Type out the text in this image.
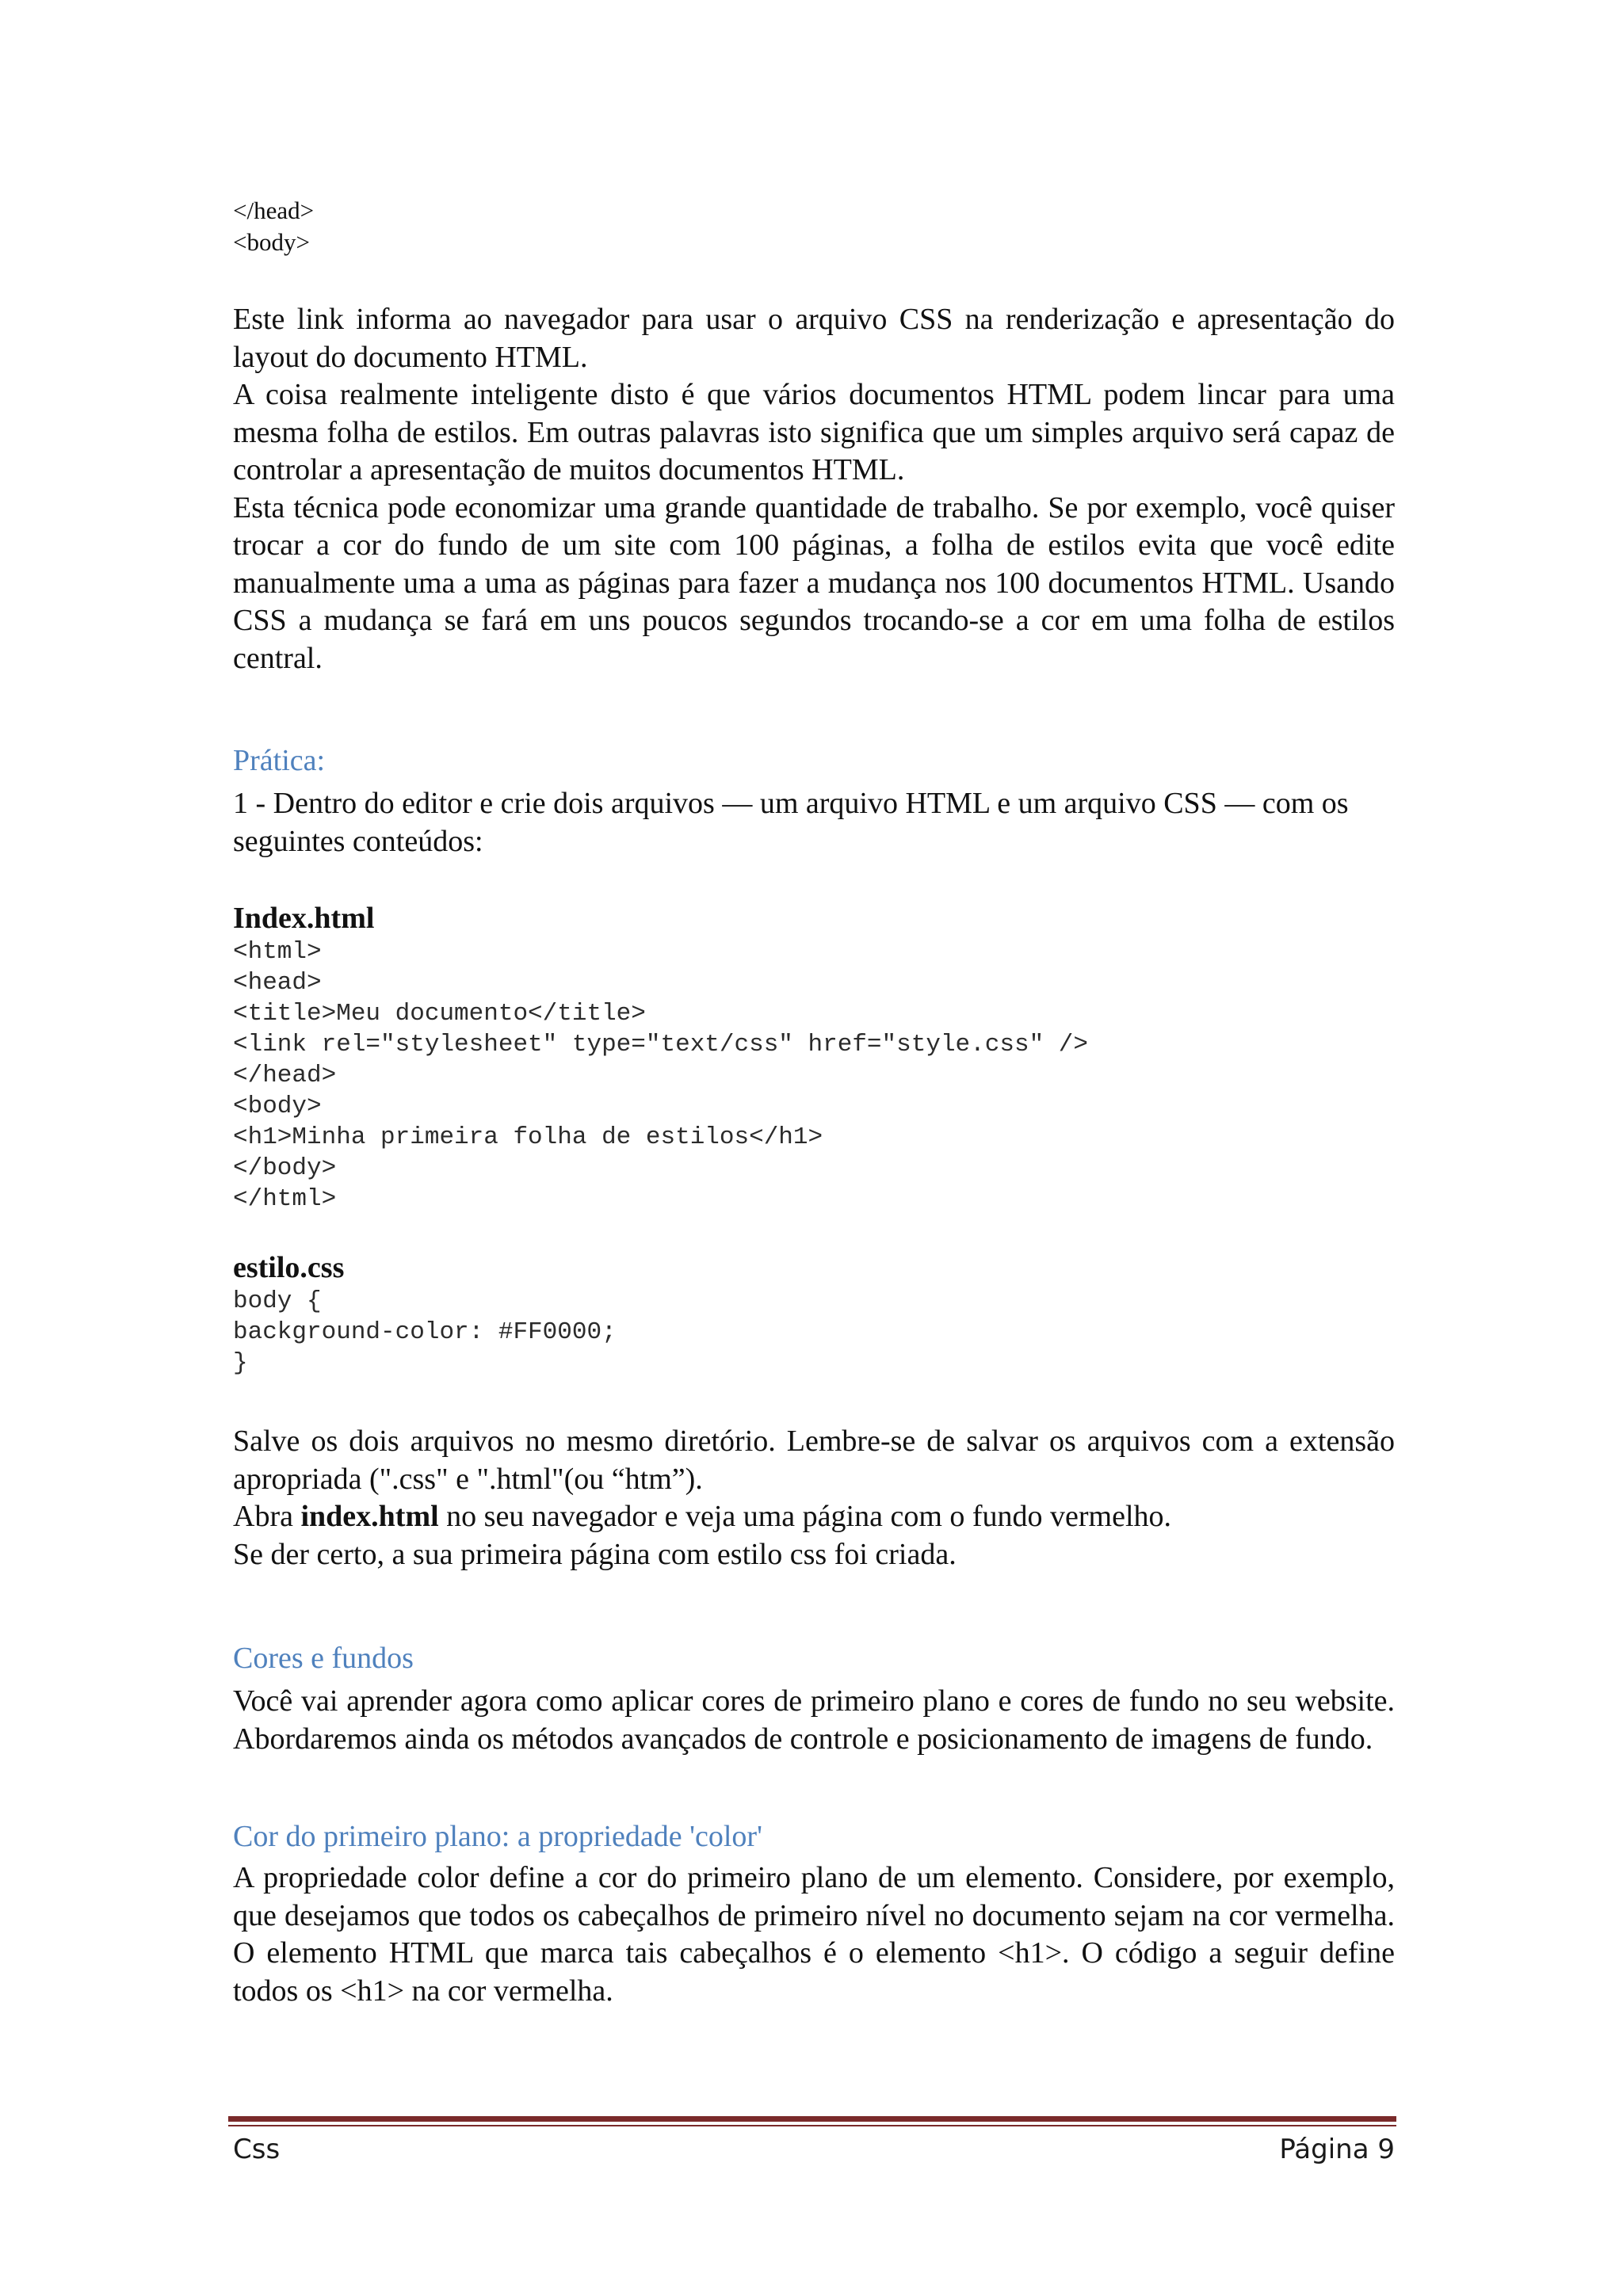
</head>

<body>

Este link informa ao navegador para usar o arquivo CSS na renderização e apresentação do layout do documento HTML.

A coisa realmente inteligente disto é que vários documentos HTML podem lincar para uma mesma folha de estilos. Em outras palavras isto significa que um simples arquivo será capaz de controlar a apresentação de muitos documentos HTML.

Esta técnica pode economizar uma grande quantidade de trabalho. Se por exemplo, você quiser trocar a cor do fundo de um site com 100 páginas, a folha de estilos evita que você edite manualmente uma a uma as páginas para fazer a mudança nos 100 documentos HTML. Usando CSS a mudança se fará em uns poucos segundos trocando-se a cor em uma folha de estilos central.

Prática:

1 - Dentro do editor e crie dois arquivos — um arquivo HTML e um arquivo CSS — com os seguintes conteúdos:

Index.html

<html>

<head>

<title>Meu documento</title>

<link rel="stylesheet" type="text/css" href="style.css" />

</head>

<body>

<h1>Minha primeira folha de estilos</h1>

</body>

</html>

estilo.css

body {

background-color: #FF0000;

}

Salve os dois arquivos no mesmo diretório. Lembre-se de salvar os arquivos com a extensão apropriada (".css" e ".html"(ou “htm”).

Abra index.html no seu navegador e veja uma página com o fundo vermelho.

Se der certo, a sua primeira página com estilo css foi criada.

Cores e fundos

Você vai aprender agora como aplicar cores de primeiro plano e cores de fundo no seu website. Abordaremos ainda os métodos avançados de controle e posicionamento de imagens de fundo.

Cor do primeiro plano: a propriedade 'color'

A propriedade color define a cor do primeiro plano de um elemento. Considere, por exemplo, que desejamos que todos os cabeçalhos de primeiro nível no documento sejam na cor vermelha. O elemento HTML que marca tais cabeçalhos é o elemento <h1>. O código a seguir define todos os <h1> na cor vermelha.

Css	Página 9
